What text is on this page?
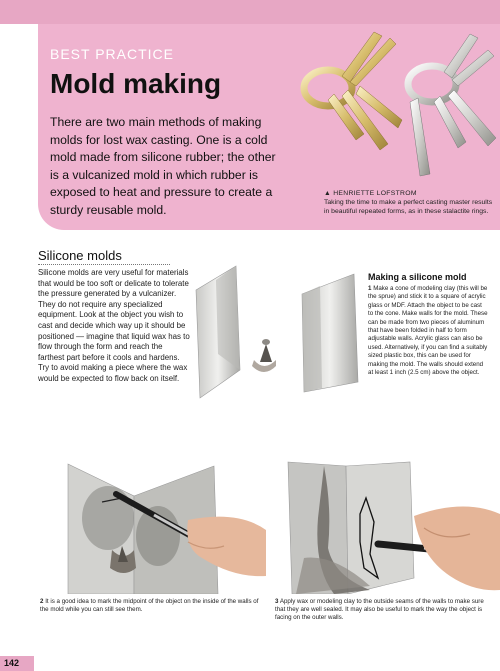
BEST PRACTICE
Mold making
There are two main methods of making molds for lost wax casting. One is a cold mold made from silicone rubber; the other is a vulcanized mold in which rubber is exposed to heat and pressure to create a sturdy reusable mold.
▲ HENRIETTE LOFSTROM
Taking the time to make a perfect casting master results in beautiful repeated forms, as in these stalactite rings.
Silicone molds
Silicone molds are very useful for materials that would be too soft or delicate to tolerate the pressure generated by a vulcanizer. They do not require any specialized equipment. Look at the object you wish to cast and decide which way up it should be positioned — imagine that liquid wax has to flow through the form and reach the farthest part before it cools and hardens. Try to avoid making a piece where the wax would be expected to flow back on itself.
Making a silicone mold
1 Make a cone of modeling clay (this will be the sprue) and stick it to a square of acrylic glass or MDF. Attach the object to be cast to the cone. Make walls for the mold. These can be made from two pieces of aluminum that have been folded in half to form adjustable walls. Acrylic glass can also be used. Alternatively, if you can find a suitably sized plastic box, this can be used for making the mold. The walls should extend at least 1 inch (2.5 cm) above the object.
2 It is a good idea to mark the midpoint of the object on the inside of the walls of the mold while you can still see them.
3 Apply wax or modeling clay to the outside seams of the walls to make sure that they are well sealed. It may also be useful to mark the way the object is facing on the outer walls.
142
